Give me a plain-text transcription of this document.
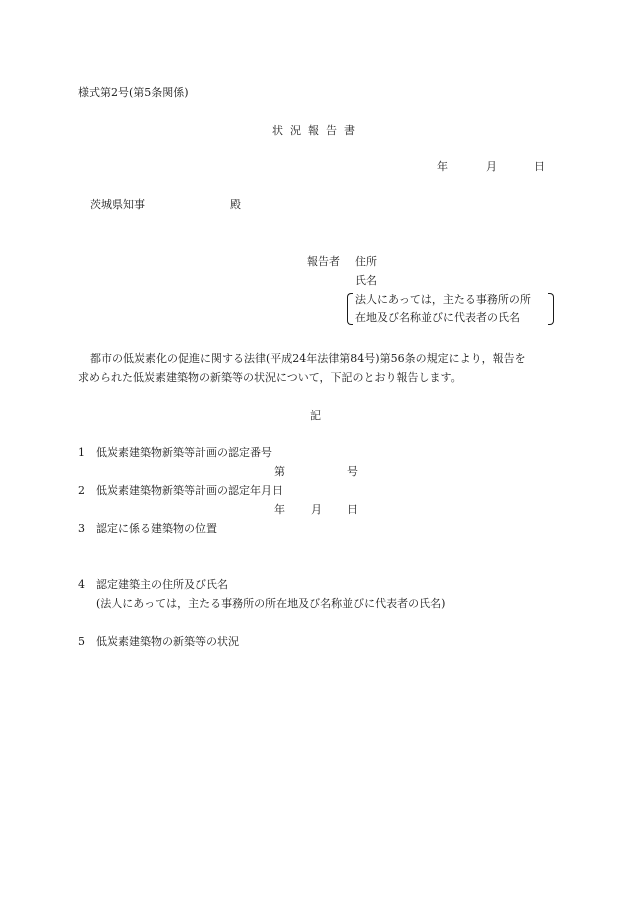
様式第2号(第5条関係)
状況報告書
年	月	日
茨城県知事	殿
報告者 住所
氏名
法人にあっては，主たる事務所の所
在地及び名称並びに代表者の氏名
都市の低炭素化の促進に関する法律(平成24年法律第84号)第56条の規定により，報告を
求められた低炭素建築物の新築等の状況について，下記のとおり報告します。
記
1 低炭素建築物新築等計画の認定番号
第	号
2 低炭素建築物新築等計画の認定年月日
年 月 日
3 認定に係る建築物の位置
4 認定建築主の住所及び氏名
(法人にあっては，主たる事務所の所在地及び名称並びに代表者の氏名)
5 低炭素建築物の新築等の状況
